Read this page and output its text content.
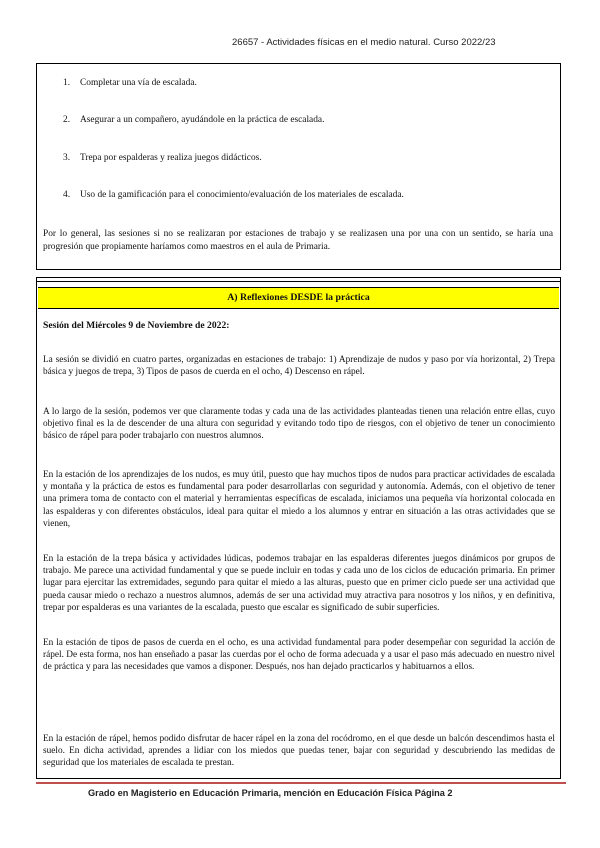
26657 - Actividades físicas en el medio natural. Curso 2022/23
1. Completar una vía de escalada.
2. Asegurar a un compañero, ayudándole en la práctica de escalada.
3. Trepa por espalderas y realiza juegos didácticos.
4. Uso de la gamificación para el conocimiento/evaluación de los materiales de escalada.
Por lo general, las sesiones si no se realizaran por estaciones de trabajo y se realizasen una por una con un sentido, se haría una progresión que propiamente haríamos como maestros en el aula de Primaria.
A) Reflexiones DESDE la práctica
Sesión del Miércoles 9 de Noviembre de 2022:
La sesión se dividió en cuatro partes, organizadas en estaciones de trabajo: 1) Aprendizaje de nudos y paso por vía horizontal, 2) Trepa básica y juegos de trepa, 3) Tipos de pasos de cuerda en el ocho, 4) Descenso en rápel.
A lo largo de la sesión, podemos ver que claramente todas y cada una de las actividades planteadas tienen una relación entre ellas, cuyo objetivo final es la de descender de una altura con seguridad y evitando todo tipo de riesgos, con el objetivo de tener un conocimiento básico de rápel para poder trabajarlo con nuestros alumnos.
En la estación de los aprendizajes de los nudos, es muy útil, puesto que hay muchos tipos de nudos para practicar actividades de escalada y montaña y la práctica de estos es fundamental para poder desarrollarlas con seguridad y autonomía. Además, con el objetivo de tener una primera toma de contacto con el material y herramientas específicas de escalada, iniciamos una pequeña vía horizontal colocada en las espalderas y con diferentes obstáculos, ideal para quitar el miedo a los alumnos y entrar en situación a las otras actividades que se vienen,
En la estación de la trepa básica y actividades lúdicas, podemos trabajar en las espalderas diferentes juegos dinámicos por grupos de trabajo. Me parece una actividad fundamental y que se puede incluir en todas y cada uno de los ciclos de educación primaria. En primer lugar para ejercitar las extremidades, segundo para quitar el miedo a las alturas, puesto que en primer ciclo puede ser una actividad que pueda causar miedo o rechazo a nuestros alumnos, además de ser una actividad muy atractiva para nosotros y los niños, y en definitiva, trepar por espalderas es una variantes de la escalada, puesto que escalar es significado de subir superficies.
En la estación de tipos de pasos de cuerda en el ocho, es una actividad fundamental para poder desempeñar con seguridad la acción de rápel. De esta forma, nos han enseñado a pasar las cuerdas por el ocho de forma adecuada y a usar el paso más adecuado en nuestro nivel de práctica y para las necesidades que vamos a disponer. Después, nos han dejado practicarlos y habituarnos a ellos.
En la estación de rápel, hemos podido disfrutar de hacer rápel en la zona del rocódromo, en el que desde un balcón descendimos hasta el suelo. En dicha actividad, aprendes a lidiar con los miedos que puedas tener, bajar con seguridad y descubriendo las medidas de seguridad que los materiales de escalada te prestan.
Grado en Magisterio en Educación Primaria, mención en Educación Física Página 2
